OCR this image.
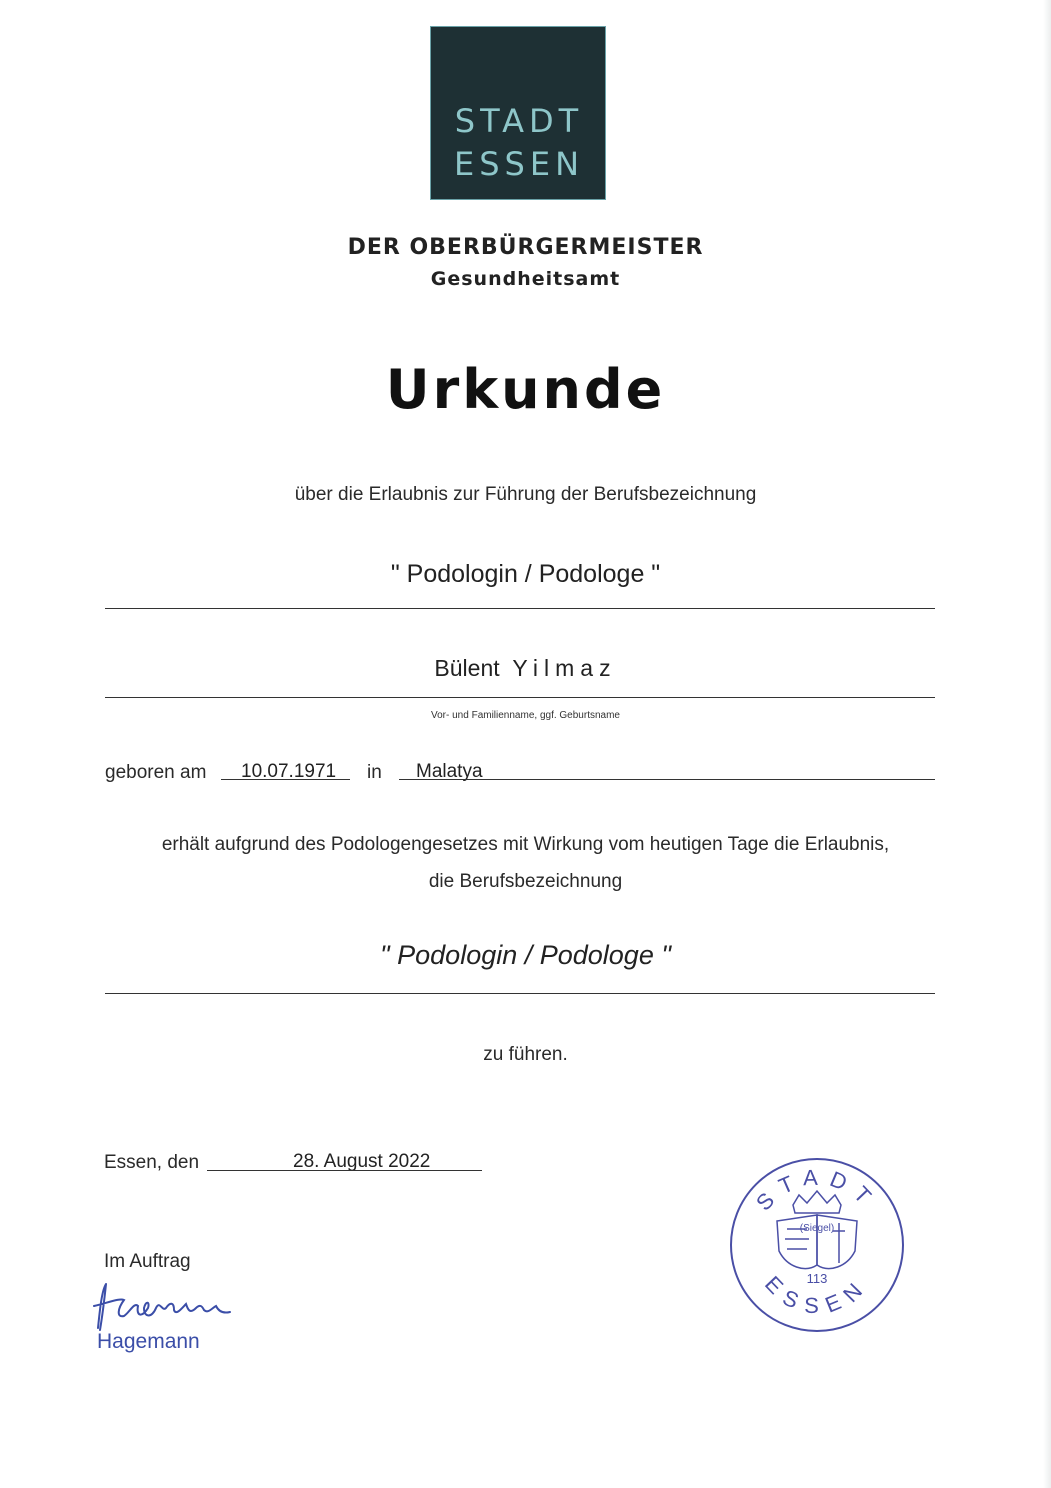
STADT
ESSEN
DER OBERBÜRGERMEISTER
Gesundheitsamt
Urkunde
über die Erlaubnis zur Führung der Berufsbezeichnung
" Podologin / Podologe "
Bülent Yilmaz
Vor- und Familienname, ggf. Geburtsname
geboren am 10.07.1971 in Malatya
erhält aufgrund des Podologengesetzes mit Wirkung vom heutigen Tage die Erlaubnis,
die Berufsbezeichnung
" Podologin / Podologe "
zu führen.
Essen, den	28. August 2022
Im Auftrag
Hagemann
STADT
ESSEN
(Siegel)
113
